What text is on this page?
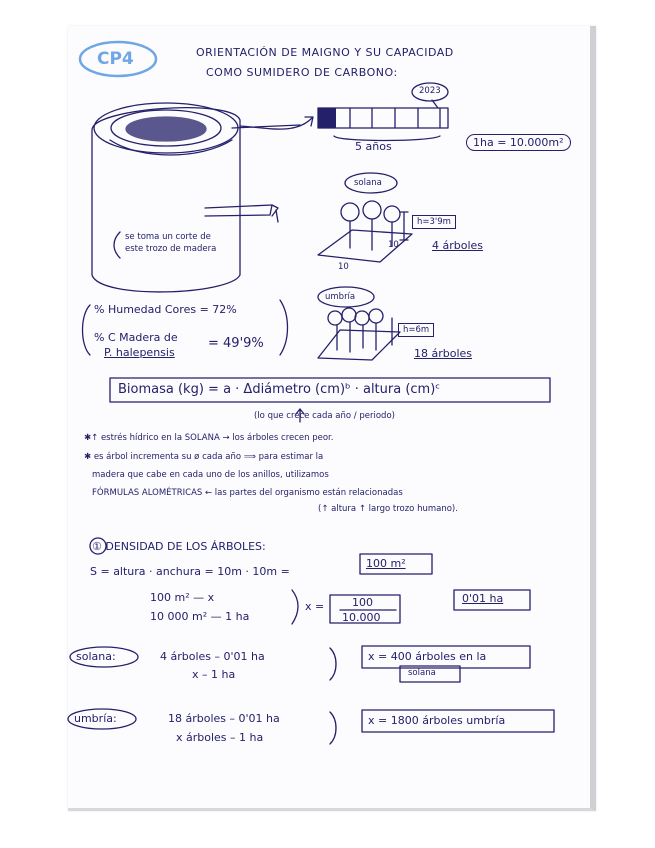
CP4	ORIENTACIÓN DE MAIGNO Y SU CAPACIDAD
COMO SUMIDERO DE CARBONO:
2023
5 años	1ha = 10.000m²
se toma un corte de
este trozo de madera
solana
h=3'9m
10
10
4 árboles
umbría
h=6m
18 árboles
% Humedad Cores = 72%
% C Madera de
P. halepensis
= 49'9%
Biomasa (kg) = a · Δdiámetro (cm)ᵇ · altura (cm)ᶜ
(lo que crece cada año / periodo)
✱↑ estrés hídrico en la SOLANA → los árboles crecen peor.
✱ es árbol incrementa su ø cada año ⟹ para estimar la
madera que cabe en cada uno de los anillos, utilizamos
FÓRMULAS ALOMÉTRICAS ← las partes del organismo están relacionadas
(↑ altura ↑ largo trozo humano).
① DENSIDAD DE LOS ÁRBOLES:
S = altura · anchura = 10m · 10m =
100 m²
100 m² — x
10 000 m² — 1 ha
x =	100
10.000
0'01 ha
solana:	4 árboles – 0'01 ha
x – 1 ha
x = 400 árboles en la
solana
umbría:	18 árboles – 0'01 ha
x árboles – 1 ha
x = 1800 árboles umbría
